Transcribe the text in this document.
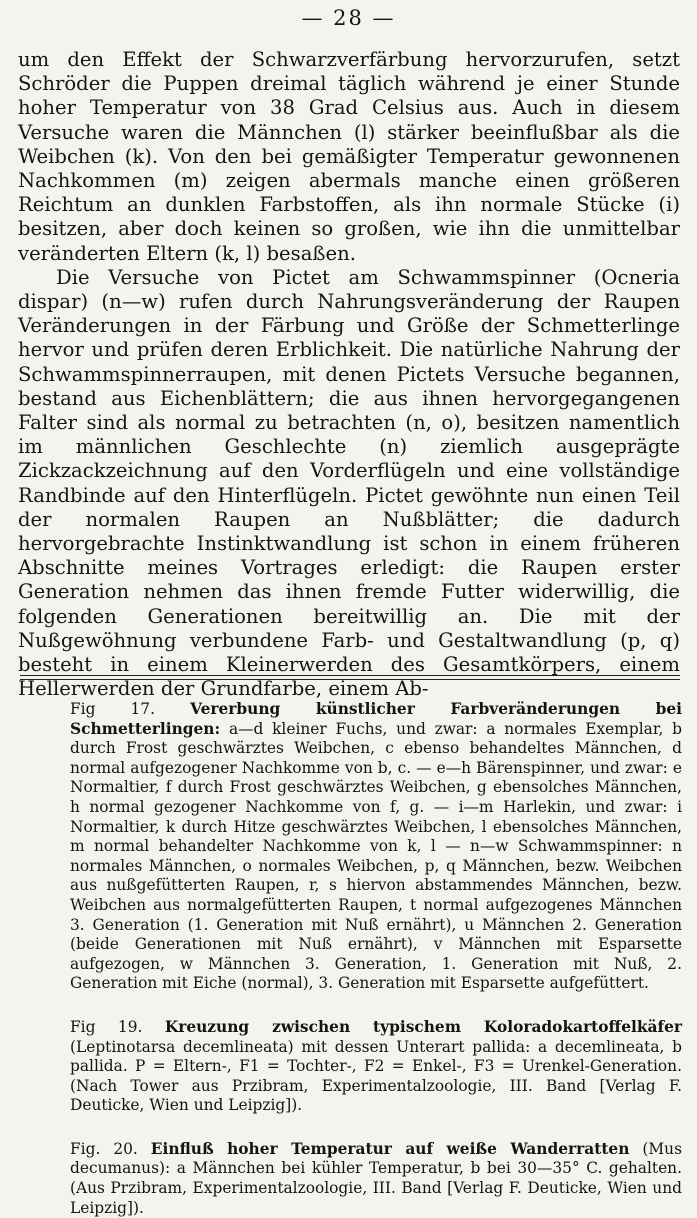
— 28 —

um den Effekt der Schwarzverfärbung hervorzurufen, setzt Schröder die Puppen dreimal täglich während je einer Stunde hoher Temperatur von 38 Grad Celsius aus. Auch in diesem Versuche waren die Männchen (l) stärker beeinflußbar als die Weibchen (k). Von den bei gemäßigter Temperatur gewonnenen Nachkommen (m) zeigen abermals manche einen größeren Reichtum an dunklen Farbstoffen, als ihn normale Stücke (i) besitzen, aber doch keinen so großen, wie ihn die unmittelbar veränderten Eltern (k, l) besaßen.

Die Versuche von Pictet am Schwammspinner (Ocneria dispar) (n—w) rufen durch Nahrungsveränderung der Raupen Veränderungen in der Färbung und Größe der Schmetterlinge hervor und prüfen deren Erblichkeit. Die natürliche Nahrung der Schwammspinnerraupen, mit denen Pictets Versuche begannen, bestand aus Eichenblättern; die aus ihnen hervorgegangenen Falter sind als normal zu betrachten (n, o), besitzen namentlich im männlichen Geschlechte (n) ziemlich ausgeprägte Zickzackzeichnung auf den Vorderflügeln und eine vollständige Randbinde auf den Hinterflügeln. Pictet gewöhnte nun einen Teil der normalen Raupen an Nußblätter; die dadurch hervorgebrachte Instinktwandlung ist schon in einem früheren Abschnitte meines Vortrages erledigt: die Raupen erster Generation nehmen das ihnen fremde Futter widerwillig, die folgenden Generationen bereitwillig an. Die mit der Nußgewöhnung verbundene Farb- und Gestaltwandlung (p, q) besteht in einem Kleinerwerden des Gesamtkörpers, einem Hellerwerden der Grundfarbe, einem Ab-

Fig 17. Vererbung künstlicher Farbveränderungen bei Schmetterlingen: a—d kleiner Fuchs, und zwar: a normales Exemplar, b durch Frost geschwärztes Weibchen, c ebenso behandeltes Männchen, d normal aufgezogener Nachkomme von b, c. — e—h Bärenspinner, und zwar: e Normaltier, f durch Frost geschwärztes Weibchen, g ebensolches Männchen, h normal gezogener Nachkomme von f, g. — i—m Harlekin, und zwar: i Normaltier, k durch Hitze geschwärztes Weibchen, l ebensolches Männchen, m normal behandelter Nachkomme von k, l — n—w Schwammspinner: n normales Männchen, o normales Weibchen, p, q Männchen, bezw. Weibchen aus nußgefütterten Raupen, r, s hiervon abstammendes Männchen, bezw. Weibchen aus normalgefütterten Raupen, t normal aufgezogenes Männchen 3. Generation (1. Generation mit Nuß ernährt), u Männchen 2. Generation (beide Generationen mit Nuß ernährt), v Männchen mit Esparsette aufgezogen, w Männchen 3. Generation, 1. Generation mit Nuß, 2. Generation mit Eiche (normal), 3. Generation mit Esparsette aufgefüttert.

Fig 19. Kreuzung zwischen typischem Koloradokartoffelkäfer (Leptinotarsa decemlineata) mit dessen Unterart pallida: a decemlineata, b pallida. P = Eltern-, F1 = Tochter-, F2 = Enkel-, F3 = Urenkel-Generation. (Nach Tower aus Przibram, Experimentalzoologie, III. Band [Verlag F. Deuticke, Wien und Leipzig]).

Fig. 20. Einfluß hoher Temperatur auf weiße Wanderratten (Mus decumanus): a Männchen bei kühler Temperatur, b bei 30—35° C. gehalten. (Aus Przibram, Experimentalzoologie, III. Band [Verlag F. Deuticke, Wien und Leipzig]).
